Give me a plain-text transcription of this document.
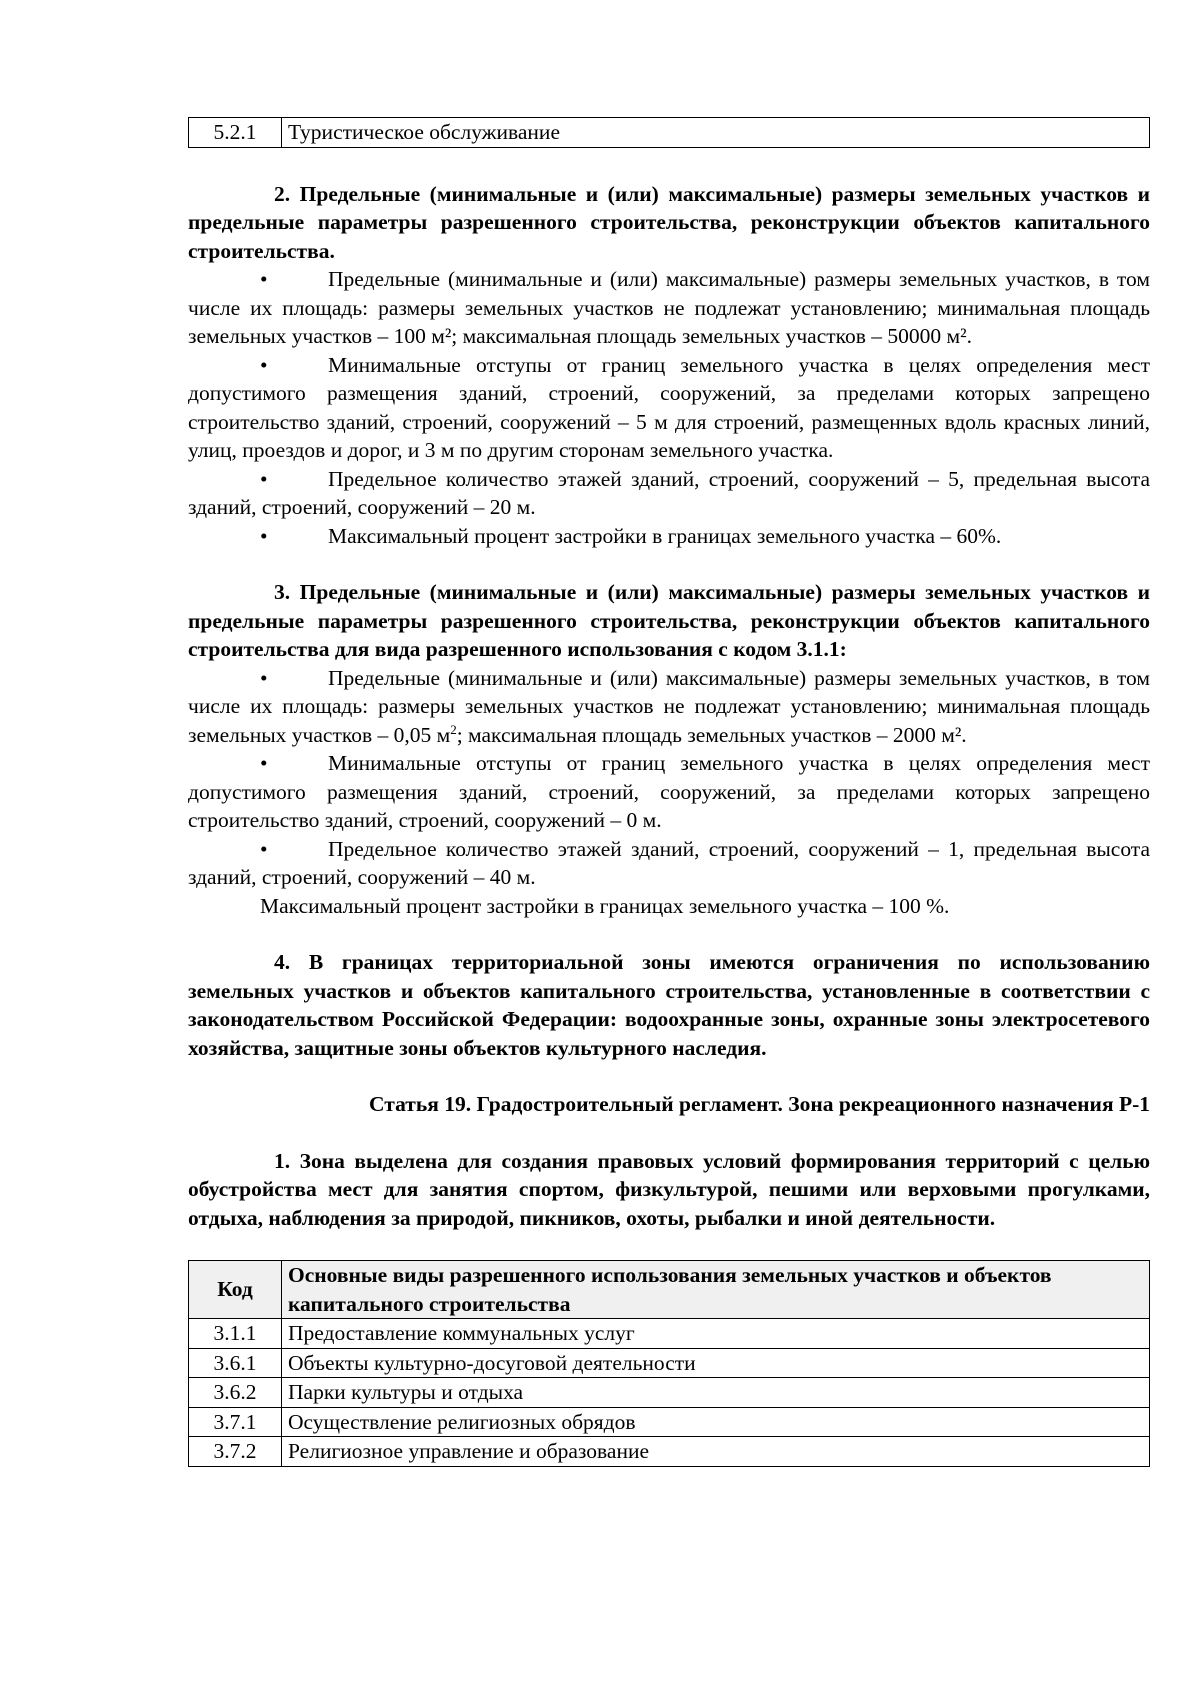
5.2.1	Туристическое обслуживание

2. Предельные (минимальные и (или) максимальные) размеры земельных участков и предельные параметры разрешенного строительства, реконструкции объектов капитального строительства.

•	Предельные (минимальные и (или) максимальные) размеры земельных участков, в том числе их площадь: размеры земельных участков не подлежат установлению; минимальная площадь земельных участков – 100 м²; максимальная площадь земельных участков – 50000 м².

•	Минимальные отступы от границ земельного участка в целях определения мест допустимого размещения зданий, строений, сооружений, за пределами которых запрещено строительство зданий, строений, сооружений – 5 м для строений, размещенных вдоль красных линий, улиц, проездов и дорог, и 3 м по другим сторонам земельного участка.

•	Предельное количество этажей зданий, строений, сооружений – 5, предельная высота зданий, строений, сооружений – 20 м.

•	Максимальный процент застройки в границах земельного участка – 60%.

3. Предельные (минимальные и (или) максимальные) размеры земельных участков и предельные параметры разрешенного строительства, реконструкции объектов капитального строительства для вида разрешенного использования с кодом 3.1.1:

•	Предельные (минимальные и (или) максимальные) размеры земельных участков, в том числе их площадь: размеры земельных участков не подлежат установлению; минимальная площадь земельных участков – 0,05 $м^2$; максимальная площадь земельных участков – 2000 м².

•	Минимальные отступы от границ земельного участка в целях определения мест допустимого размещения зданий, строений, сооружений, за пределами которых запрещено строительство зданий, строений, сооружений – 0 м.

•	Предельное количество этажей зданий, строений, сооружений – 1, предельная высота зданий, строений, сооружений – 40 м.

Максимальный процент застройки в границах земельного участка – 100 %.

4. В границах территориальной зоны имеются ограничения по использованию земельных участков и объектов капитального строительства, установленные в соответствии с законодательством Российской Федерации: водоохранные зоны, охранные зоны электросетевого хозяйства, защитные зоны объектов культурного наследия.

Статья 19. Градостроительный регламент. Зона рекреационного назначения Р-1

1. Зона выделена для создания правовых условий формирования территорий с целью обустройства мест для занятия спортом, физкультурой, пешими или верховыми прогулками, отдыха, наблюдения за природой, пикников, охоты, рыбалки и иной деятельности.

Код	Основные виды разрешенного использования земельных участков и объектов капитального строительства
3.1.1	Предоставление коммунальных услуг
3.6.1	Объекты культурно-досуговой деятельности
3.6.2	Парки культуры и отдыха
3.7.1	Осуществление религиозных обрядов
3.7.2	Религиозное управление и образование
